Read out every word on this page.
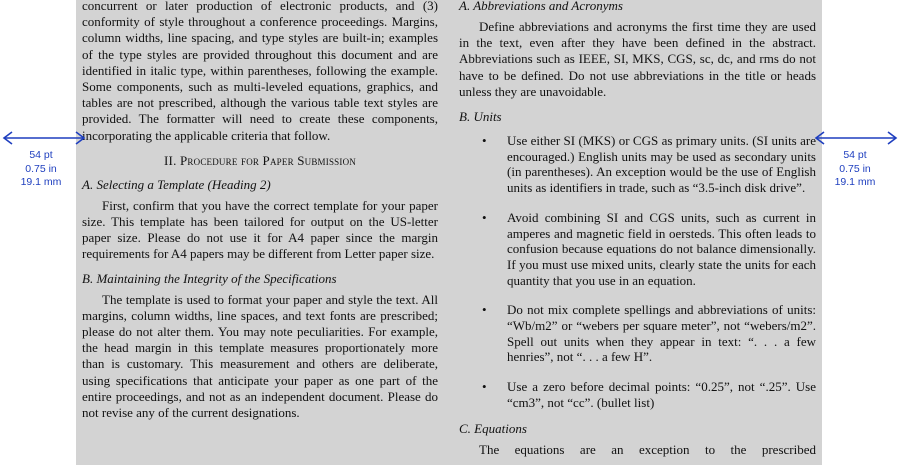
concurrent or later production of electronic products, and (3) conformity of style throughout a conference proceedings. Margins, column widths, line spacing, and type styles are built-in; examples of the type styles are provided throughout this document and are identified in italic type, within parentheses, following the example. Some components, such as multi-leveled equations, graphics, and tables are not prescribed, although the various table text styles are provided. The formatter will need to create these components, incorporating the applicable criteria that follow.

II. Procedure for Paper Submission
A. Selecting a Template (Heading 2)

First, confirm that you have the correct template for your paper size. This template has been tailored for output on the US-letter paper size. Please do not use it for A4 paper since the margin requirements for A4 papers may be different from Letter paper size.

B. Maintaining the Integrity of the Specifications

The template is used to format your paper and style the text. All margins, column widths, line spaces, and text fonts are prescribed; please do not alter them. You may note peculiarities. For example, the head margin in this template measures proportionately more than is customary. This measurement and others are deliberate, using specifications that anticipate your paper as one part of the entire proceedings, and not as an independent document. Please do not revise any of the current designations.

A. Abbreviations and Acronyms

Define abbreviations and acronyms the first time they are used in the text, even after they have been defined in the abstract. Abbreviations such as IEEE, SI, MKS, CGS, sc, dc, and rms do not have to be defined. Do not use abbreviations in the title or heads unless they are unavoidable.

B. Units
• Use either SI (MKS) or CGS as primary units. (SI units are encouraged.) English units may be used as secondary units (in parentheses). An exception would be the use of English units as identifiers in trade, such as “3.5-inch disk drive”.
• Avoid combining SI and CGS units, such as current in amperes and magnetic field in oersteds. This often leads to confusion because equations do not balance dimensionally. If you must use mixed units, clearly state the units for each quantity that you use in an equation.
• Do not mix complete spellings and abbreviations of units: “Wb/m2” or “webers per square meter”, not “webers/m2”. Spell out units when they appear in text: “. . . a few henries”, not “. . . a few H”.
• Use a zero before decimal points: “0.25”, not “.25”. Use “cm3”, not “cc”. (bullet list)
C. Equations

The equations are an exception to the prescribed

54 pt
0.75 in
19.1 mm
54 pt
0.75 in
19.1 mm
